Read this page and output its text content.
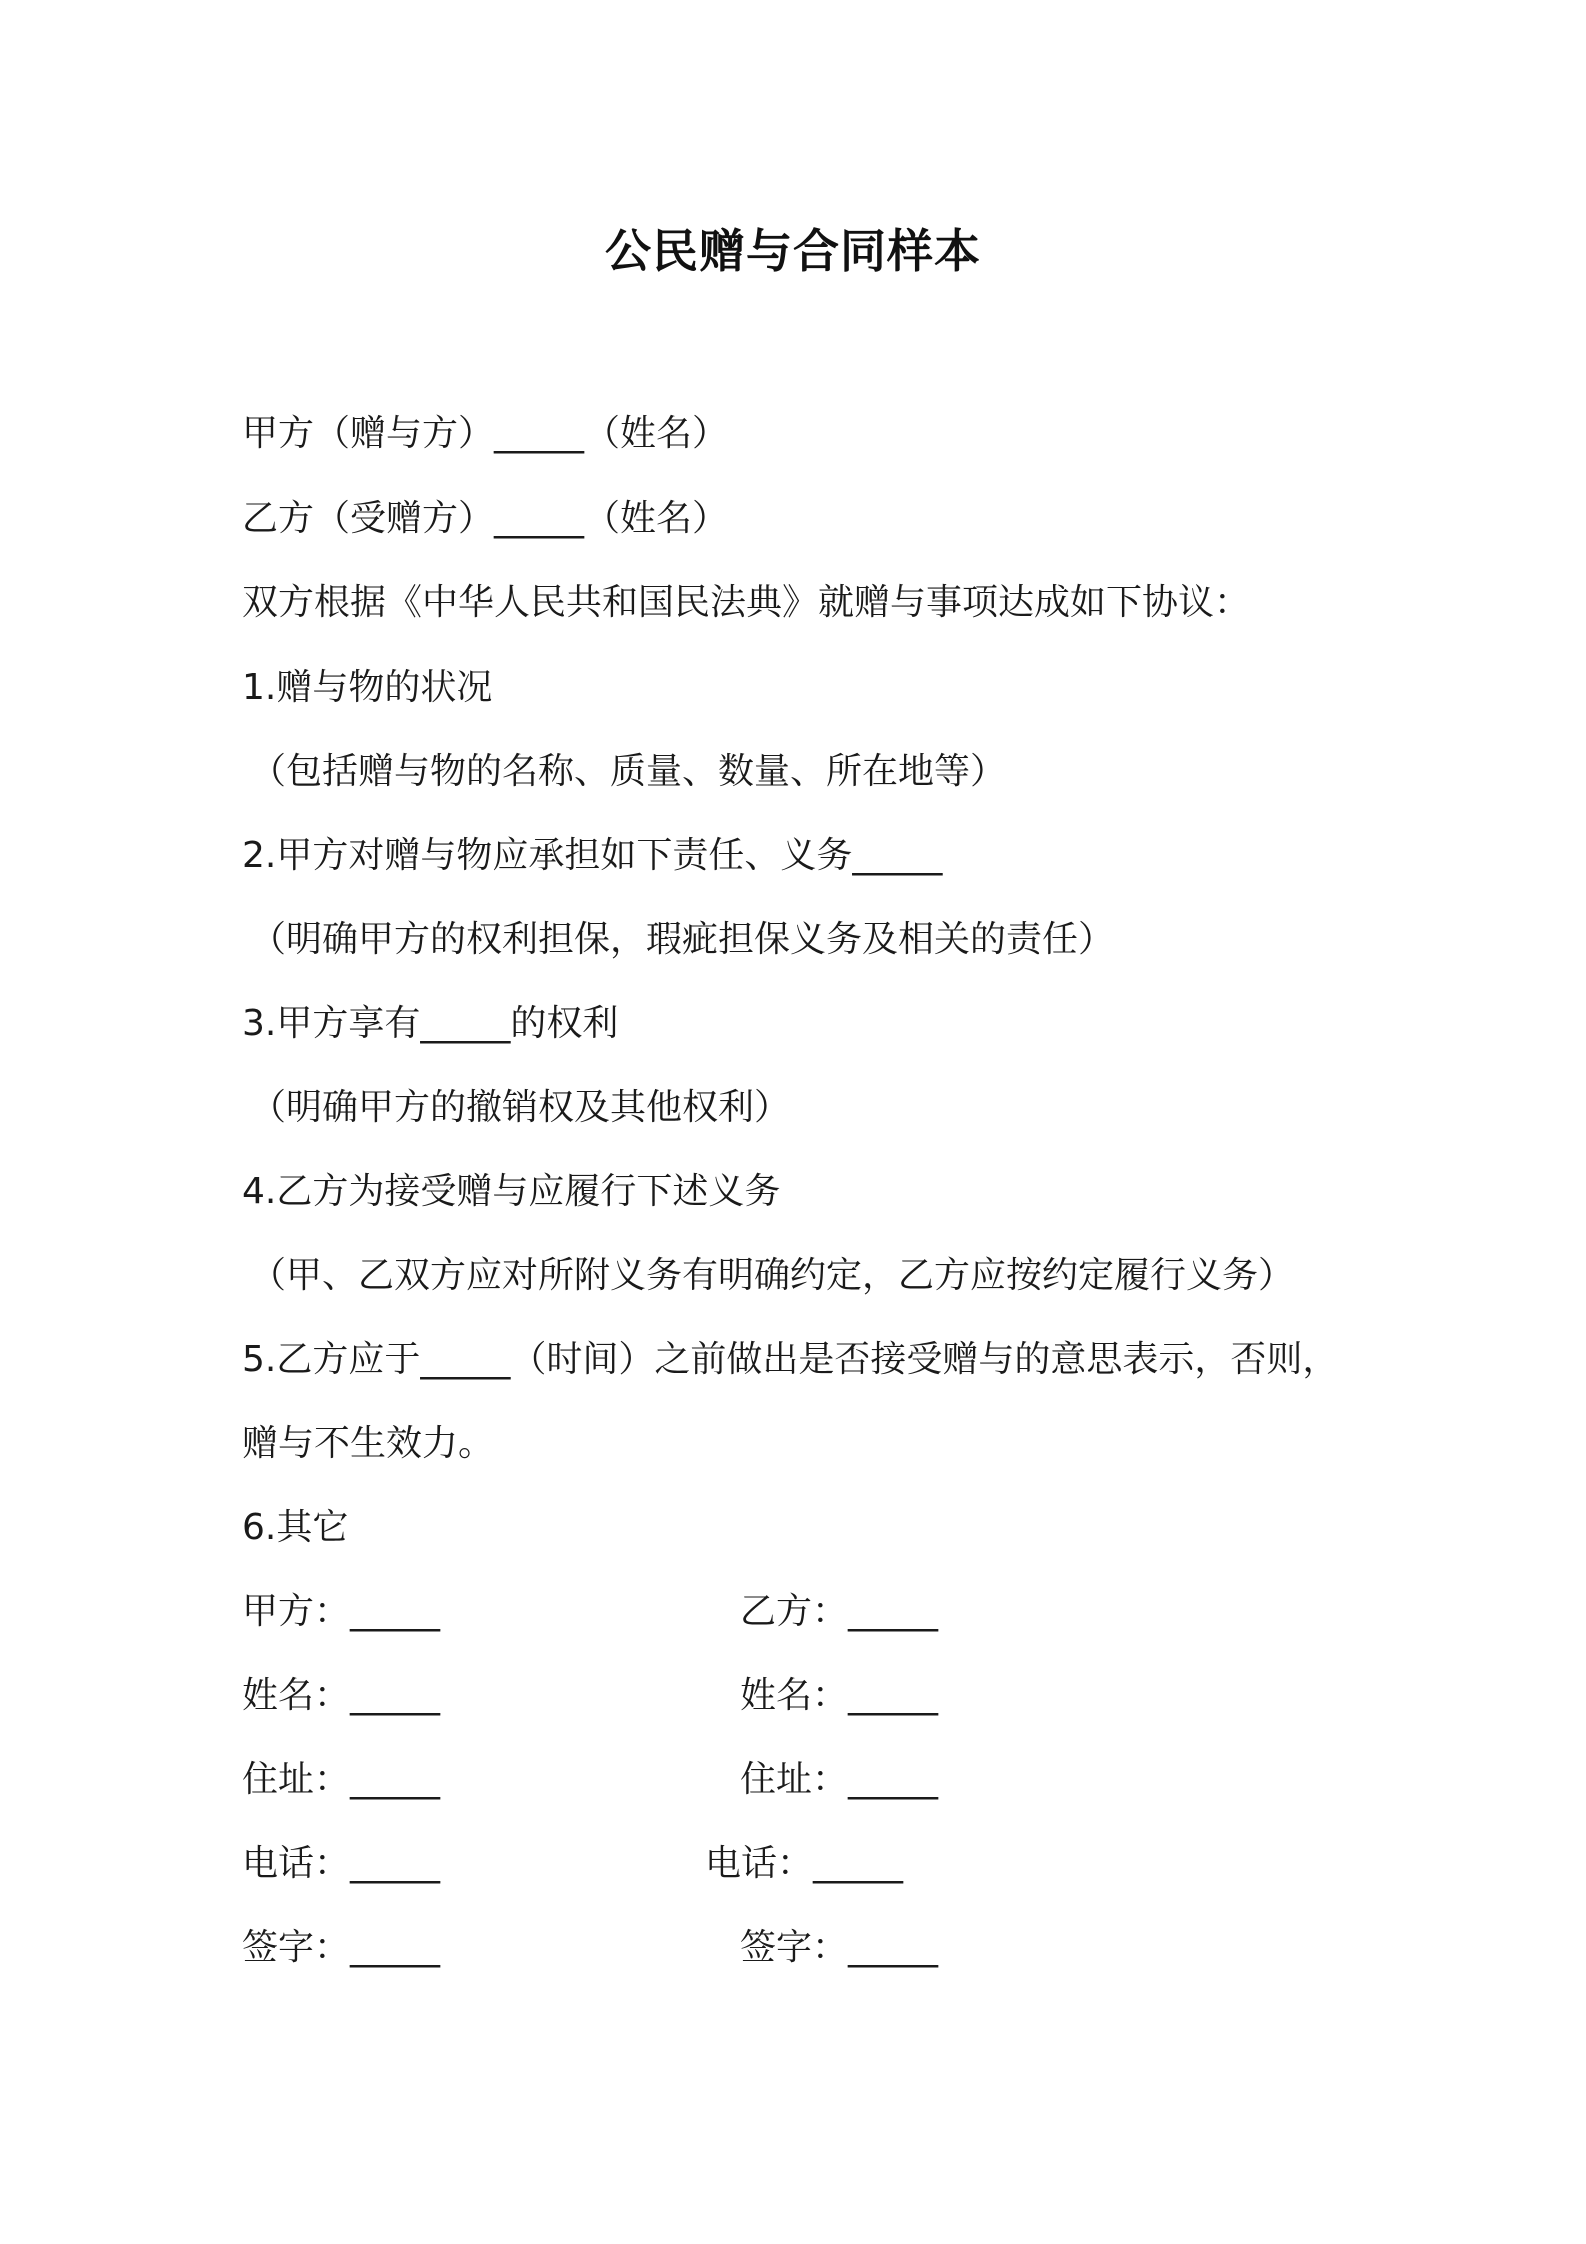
公民赠与合同样本
甲方（赠与方）_____（姓名）
乙方（受赠方）_____（姓名）
双方根据《中华人民共和国民法典》就赠与事项达成如下协议：
1.赠与物的状况
（包括赠与物的名称、质量、数量、所在地等）
2.甲方对赠与物应承担如下责任、义务_____
（明确甲方的权利担保，瑕疵担保义务及相关的责任）
3.甲方享有_____的权利
（明确甲方的撤销权及其他权利）
4.乙方为接受赠与应履行下述义务
（甲、乙双方应对所附义务有明确约定，乙方应按约定履行义务）
5.乙方应于_____（时间）之前做出是否接受赠与的意思表示，否则，
赠与不生效力。
6.其它
甲方：_____	乙方：_____
姓名：_____	姓名：_____
住址：_____	住址：_____
电话：_____	电话：_____
签字：_____	签字：_____
